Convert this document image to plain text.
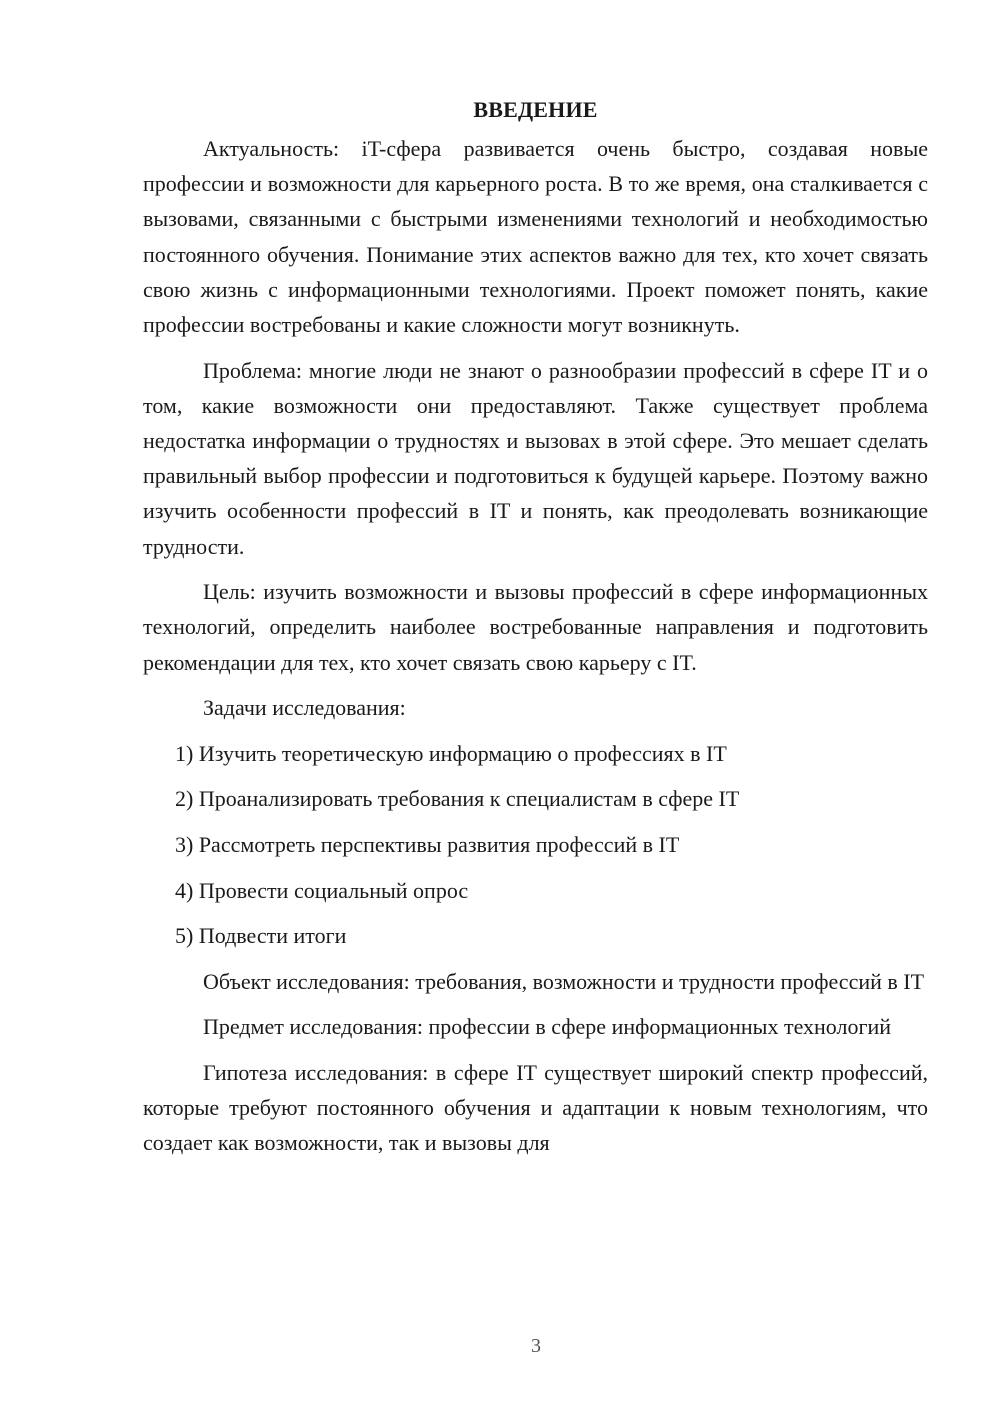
ВВЕДЕНИЕ

Актуальность: iT-сфера развивается очень быстро, создавая новые профессии и возможности для карьерного роста. В то же время, она сталкивается с вызовами, связанными с быстрыми изменениями технологий и необходимостью постоянного обучения. Понимание этих аспектов важно для тех, кто хочет связать свою жизнь с информационными технологиями. Проект поможет понять, какие профессии востребованы и какие сложности могут возникнуть.

Проблема: многие люди не знают о разнообразии профессий в сфере IT и о том, какие возможности они предоставляют. Также существует проблема недостатка информации о трудностях и вызовах в этой сфере. Это мешает сделать правильный выбор профессии и подготовиться к будущей карьере. Поэтому важно изучить особенности профессий в IT и понять, как преодолевать возникающие трудности.

Цель: изучить возможности и вызовы профессий в сфере информационных технологий, определить наиболее востребованные направления и подготовить рекомендации для тех, кто хочет связать свою карьеру с IT.

Задачи исследования:

1) Изучить теоретическую информацию о профессиях в IT
2) Проанализировать требования к специалистам в сфере IT
3) Рассмотреть перспективы развития профессий в IT
4) Провести социальный опрос
5) Подвести итоги

Объект исследования: требования, возможности и трудности профессий в IT

Предмет исследования: профессии в сфере информационных технологий

Гипотеза исследования: в сфере IT существует широкий спектр профессий, которые требуют постоянного обучения и адаптации к новым технологиям, что создает как возможности, так и вызовы для

3
